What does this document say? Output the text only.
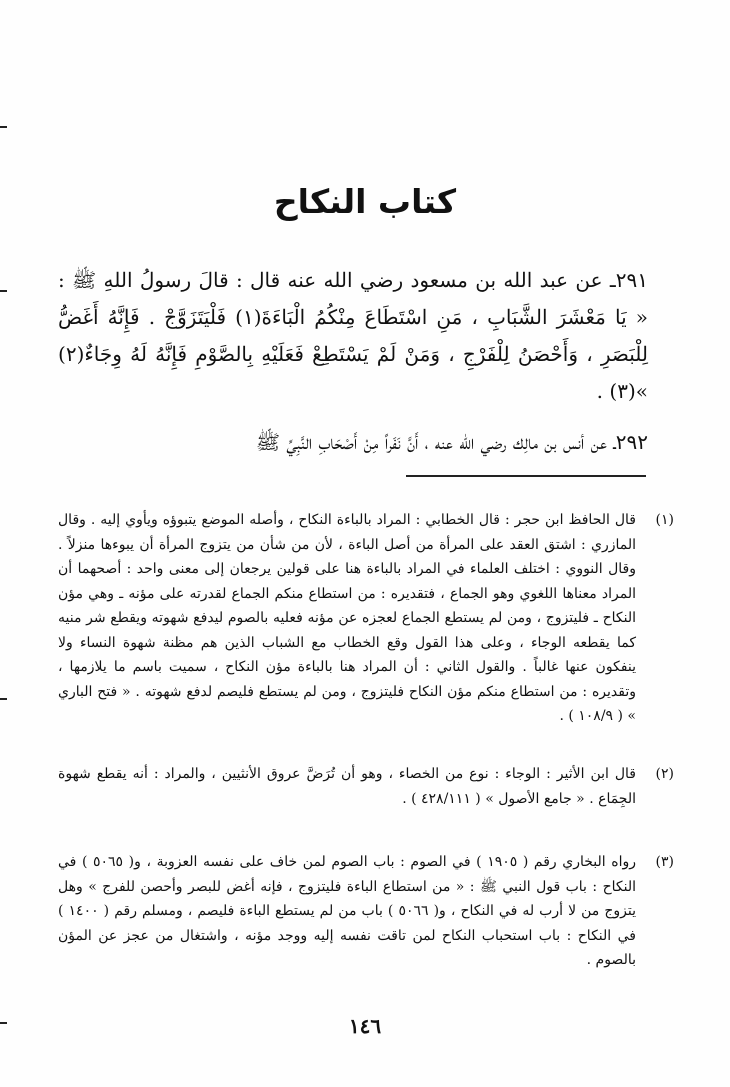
كتاب النكاح

٢٩١ـ عن عبد الله بن مسعود رضي الله عنه قال : قالَ رسولُ اللهِ ﷺ : « يَا مَعْشَرَ الشَّبَابِ ، مَنِ اسْتَطَاعَ مِنْكُمُ الْبَاءَةَ(١) فَلْيَتَزَوَّجْ . فَإِنَّهُ أَغَضُّ لِلْبَصَرِ ، وَأَحْصَنُ لِلْفَرْجِ ، وَمَنْ لَمْ يَسْتَطِعْ فَعَلَيْهِ بِالصَّوْمِ فَإِنَّهُ لَهُ وِجَاءٌ(٢) »(٣) .

٢٩٢ـ عن أنس بن مالِك رضي الله عنه ، أَنَّ نَفَراً مِنْ أَصْحَابِ النَّبِيِّ ﷺ

(١)
قال الحافظ ابن حجر : قال الخطابي : المراد بالباءة النكاح ، وأصله الموضع يتبوؤه ويأوي إليه . وقال المازري : اشتق العقد على المرأة من أصل الباءة ، لأن من شأن من يتزوج المرأة أن يبوءها منزلاً . وقال النووي : اختلف العلماء في المراد بالباءة هنا على قولين يرجعان إلى معنى واحد : أصحهما أن المراد معناها اللغوي وهو الجماع ، فتقديره : من استطاع منكم الجماع لقدرته على مؤنه ـ وهي مؤن النكاح ـ فليتزوج ، ومن لم يستطع الجماع لعجزه عن مؤنه فعليه بالصوم ليدفع شهوته ويقطع شر منيه كما يقطعه الوجاء ، وعلى هذا القول وقع الخطاب مع الشباب الذين هم مظنة شهوة النساء ولا ينفكون عنها غالباً . والقول الثاني : أن المراد هنا بالباءة مؤن النكاح ، سميت باسم ما يلازمها ، وتقديره : من استطاع منكم مؤن النكاح فليتزوج ، ومن لم يستطع فليصم لدفع شهوته . « فتح الباري » ( ١٠٨/٩ ) .
(٢)
قال ابن الأثير : الوجاء : نوع من الخصاء ، وهو أن تُرَضَّ عروق الأنثيين ، والمراد : أنه يقطع شهوة الجِمَاع . « جامع الأصول » ( ٤٢٨/١١١ ) .
(٣)
رواه البخاري رقم ( ١٩٠٥ ) في الصوم : باب الصوم لمن خاف على نفسه العزوبة ، و( ٥٠٦٥ ) في النكاح : باب قول النبي ﷺ : « من استطاع الباءة فليتزوج ، فإنه أغض للبصر وأحصن للفرج » وهل يتزوج من لا أرب له في النكاح ، و( ٥٠٦٦ ) باب من لم يستطع الباءة فليصم ، ومسلم رقم ( ١٤٠٠ ) في النكاح : باب استحباب النكاح لمن تاقت نفسه إليه ووجد مؤنه ، واشتغال من عجز عن المؤن بالصوم .
١٤٦
